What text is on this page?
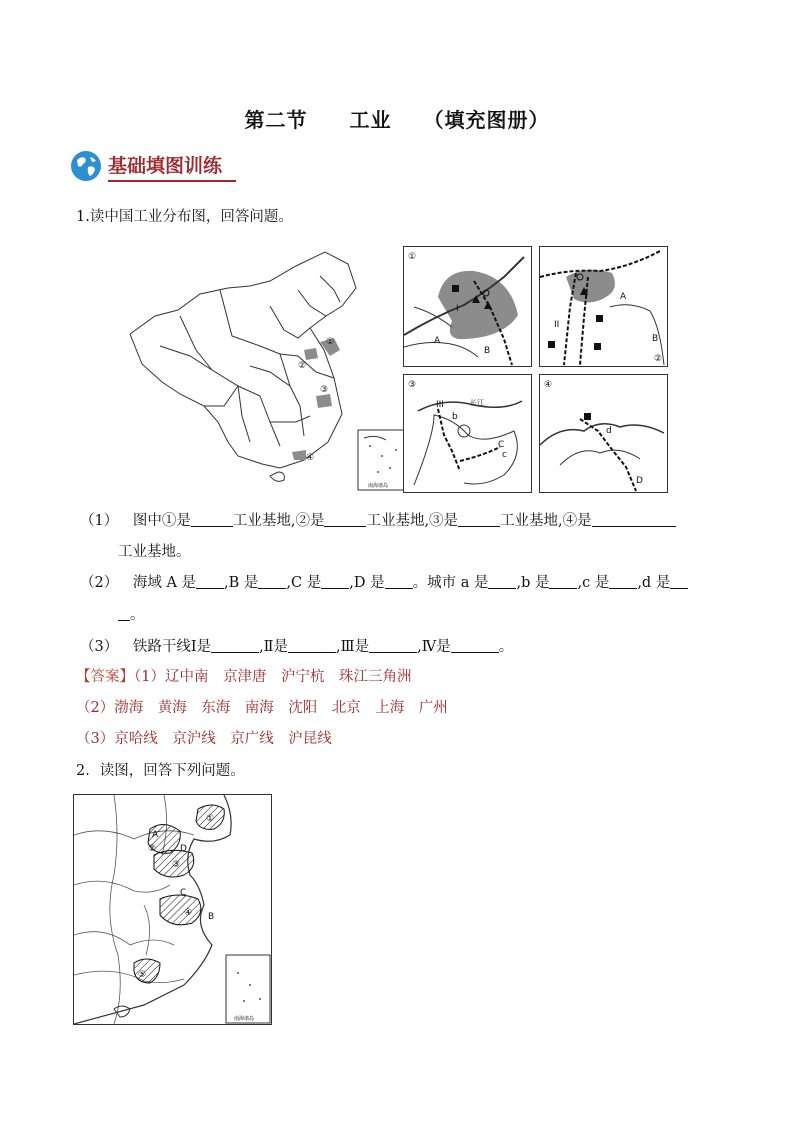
第二节　　工业　　（填充图册）
基础填图训练
1.读中国工业分布图，回答问题。
①
②
③
④
南海诸岛
①
A
B
I
A
B
II
②
③
长江
III
C
b
c
④
d
D
（1） 图中①是	工业基地,②是	工业基地,③是	工业基地,④是
工业基地。
（2） 海域 A 是 ,B 是 ,C 是 ,D 是 。城市 a 是 ,b 是 ,c 是 ,d 是
。
（3） 铁路干线Ⅰ是	,Ⅱ是	,Ⅲ是	,Ⅳ是	。
【答案】（1）辽中南　京津唐　沪宁杭　珠江三角洲
（2）渤海　黄海　东海　南海　沈阳　北京　上海　广州
（3）京哈线　京沪线　京广线　沪昆线
2．读图，回答下列问题。
南海诸岛
①
②
③
④
⑤
A
D
C
B
